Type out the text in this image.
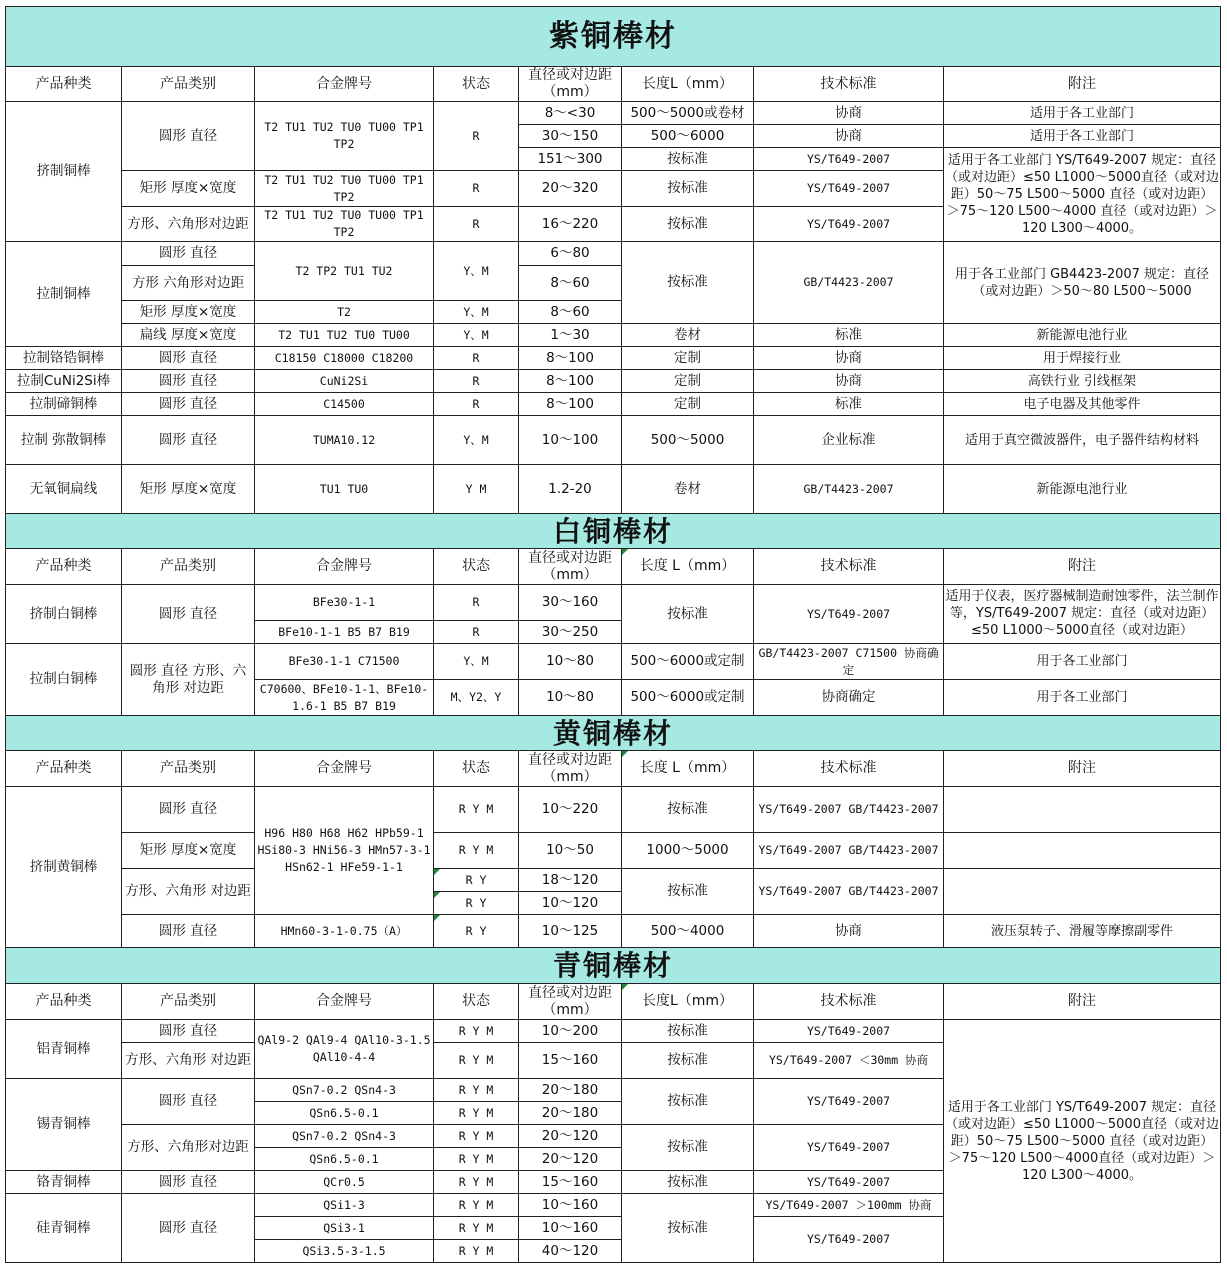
紫铜棒材							
产品种类	产品类别	合金牌号	状态	直径或对边距（mm）	长度L（mm）	技术标准	附注
挤制铜棒	圆形 直径	T2 TU1 TU2 TU0 TU00 TP1 TP2	R	8～<30	500～5000或卷材	协商	适用于各工业部门
				30～150	500～6000	协商	适用于各工业部门
				151～300	按标准	YS/T649-2007	适用于各工业部门 YS/T649-2007 规定：直径（或对边距）≤50 L1000～5000直径（或对边距）50～75 L500～5000 直径（或对边距）＞75～120 L500～4000 直径（或对边距）＞120 L300～4000。
	矩形 厚度×宽度	T2 TU1 TU2 TU0 TU00 TP1 TP2	R	20～320	按标准	YS/T649-2007	
	方形、六角形对边距	T2 TU1 TU2 TU0 TU00 TP1 TP2	R	16～220	按标准	YS/T649-2007	
拉制铜棒	圆形 直径	T2 TP2 TU1 TU2	Y、M	6～80	按标准	GB/T4423-2007	用于各工业部门 GB4423-2007 规定：直径（或对边距）＞50～80 L500～5000
	方形 六角形对边距			8～60			
	矩形 厚度×宽度	T2	Y、M	8～60			
	扁线 厚度×宽度	T2 TU1 TU2 TU0 TU00	Y、M	1～30	卷材	标准	新能源电池行业
拉制铬锆铜棒	圆形 直径	C18150 C18000 C18200	R	8～100	定制	协商	用于焊接行业
拉制CuNi2Si棒	圆形 直径	CuNi2Si	R	8～100	定制	协商	高铁行业 引线框架
拉制碲铜棒	圆形 直径	C14500	R	8～100	定制	标准	电子电器及其他零件
拉制 弥散铜棒	圆形 直径	TUMA10.12	Y、M	10～100	500～5000	企业标准	适用于真空微波器件，电子器件结构材料
无氧铜扁线	矩形 厚度×宽度	TU1 TU0	Y M	1.2-20	卷材	GB/T4423-2007	新能源电池行业
白铜棒材							
产品种类	产品类别	合金牌号	状态	直径或对边距（mm）	长度 L（mm）	技术标准	附注
挤制白铜棒	圆形 直径	BFe30-1-1	R	30～160	按标准	YS/T649-2007	适用于仪表，医疗器械制造耐蚀零件，法兰制作等，YS/T649-2007 规定：直径（或对边距）≤50 L1000～5000直径（或对边距）

		BFe10-1-1 B5 B7 B19	R	30～250			
拉制白铜棒	圆形 直径 方形、六角形 对边距	BFe30-1-1 C71500	Y、M	10～80	500～6000或定制	GB/T4423-2007 C71500 协商确定	用于各工业部门
		C70600、BFe10-1-1、BFe10-1.6-1 B5 B7 B19	M、Y2、Y	10～80	500～6000或定制	协商确定	用于各工业部门
黄铜棒材							
产品种类	产品类别	合金牌号	状态	直径或对边距（mm）	长度 L（mm）	技术标准	附注
挤制黄铜棒	圆形 直径	H96 H80 H68 H62 HPb59-1 HSi80-3 HNi56-3 HMn57-3-1 HSn62-1 HFe59-1-1	R Y M	10～220	按标准	YS/T649-2007 GB/T4423-2007	
	矩形 厚度×宽度		R Y M	10～50	1000～5000	YS/T649-2007 GB/T4423-2007	
	方形、六角形 对边距		R Y	18～120	按标准	YS/T649-2007 GB/T4423-2007	
			R Y	10～120			
	圆形 直径	HMn60-3-1-0.75（A）	R Y	10～125	500～4000	协商	液压泵转子、滑履等摩擦副零件
青铜棒材							
产品种类	产品类别	合金牌号	状态	直径或对边距（mm）	长度L（mm）	技术标准	附注
铝青铜棒	圆形 直径	QAl9-2 QAl9-4 QAl10-3-1.5 QAl10-4-4	R Y M	10～200	按标准	YS/T649-2007	适用于各工业部门 YS/T649-2007 规定：直径（或对边距）≤50 L1000～5000直径（或对边距）50～75 L500～5000 直径（或对边距）＞75～120 L500～4000直径（或对边距）＞120 L300～4000。
	方形、六角形 对边距		R Y M	15～160	按标准	YS/T649-2007 ＜30mm 协商	
锡青铜棒	圆形 直径	QSn7-0.2 QSn4-3	R Y M	20～180	按标准	YS/T649-2007	
		QSn6.5-0.1	R Y M	20～180			
	方形、六角形对边距	QSn7-0.2 QSn4-3	R Y M	20～120	按标准	YS/T649-2007	
		QSn6.5-0.1	R Y M	20～120			
铬青铜棒	圆形 直径	QCr0.5	R Y M	15～160	按标准	YS/T649-2007	
硅青铜棒	圆形 直径	QSi1-3	R Y M	10～160	按标准	YS/T649-2007 ＞100mm 协商	
		QSi3-1	R Y M	10～160		YS/T649-2007	
		QSi3.5-3-1.5	R Y M	40～120			
